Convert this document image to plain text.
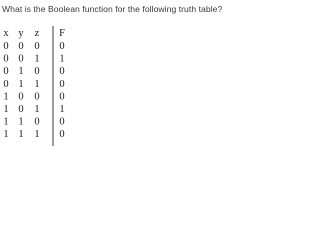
What is the Boolean function for the following truth table?
x y z F
0 0 0 0
0 0 1 1
0 1 0 0
0 1 1 0
1 0 0 0
1 0 1 1
1 1 0 0
1 1 1 0
